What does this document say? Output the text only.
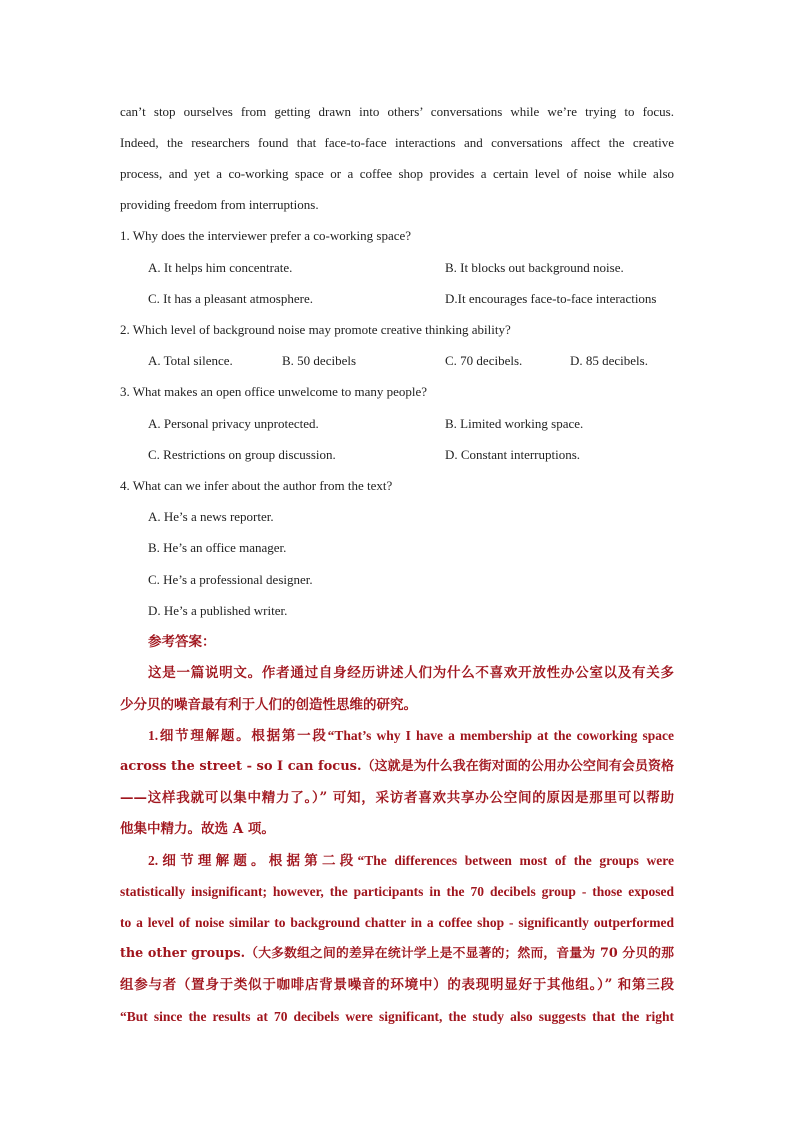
can’t stop ourselves from getting drawn into others’ conversations while we’re trying to focus.
Indeed, the researchers found that face-to-face interactions and conversations affect the creative
process, and yet a co-working space or a coffee shop provides a certain level of noise while also
providing freedom from interruptions.
1. Why does the interviewer prefer a co-working space?
A. It helps him concentrate.	B. It blocks out background noise.
C. It has a pleasant atmosphere.	D.It encourages face-to-face interactions
2. Which level of background noise may promote creative thinking ability?
A. Total silence.	B. 50 decibels	C. 70 decibels.	D. 85 decibels.
3. What makes an open office unwelcome to many people?
A. Personal privacy unprotected.	B. Limited working space.
C. Restrictions on group discussion.	D. Constant interruptions.
4. What can we infer about the author from the text?
A. He’s a news reporter.
B. He’s an office manager.
C. He’s a professional designer.
D. He’s a published writer.
参考答案：
这是一篇说明文。作者通过自身经历讲述人们为什么不喜欢开放性办公室以及有关多
少分贝的噪音最有利于人们的创造性思维的研究。
1.细节理解题。根据第一段“That’s why I have a membership at the coworking space
across the street - so I can focus.（这就是为什么我在街对面的公用办公空间有会员资格
——这样我就可以集中精力了。）” 可知，采访者喜欢共享办公空间的原因是那里可以帮助
他集中精力。故选 A 项。
2.细节理解题。根据第二段“The differences between most of the groups were
statistically insignificant; however, the participants in the 70 decibels group - those exposed
to a level of noise similar to background chatter in a coffee shop - significantly outperformed
the other groups.（大多数组之间的差异在统计学上是不显著的；然而，音量为 70 分贝的那
组参与者（置身于类似于咖啡店背景噪音的环境中）的表现明显好于其他组。）” 和第三段
“But since the results at 70 decibels were significant, the study also suggests that the right
